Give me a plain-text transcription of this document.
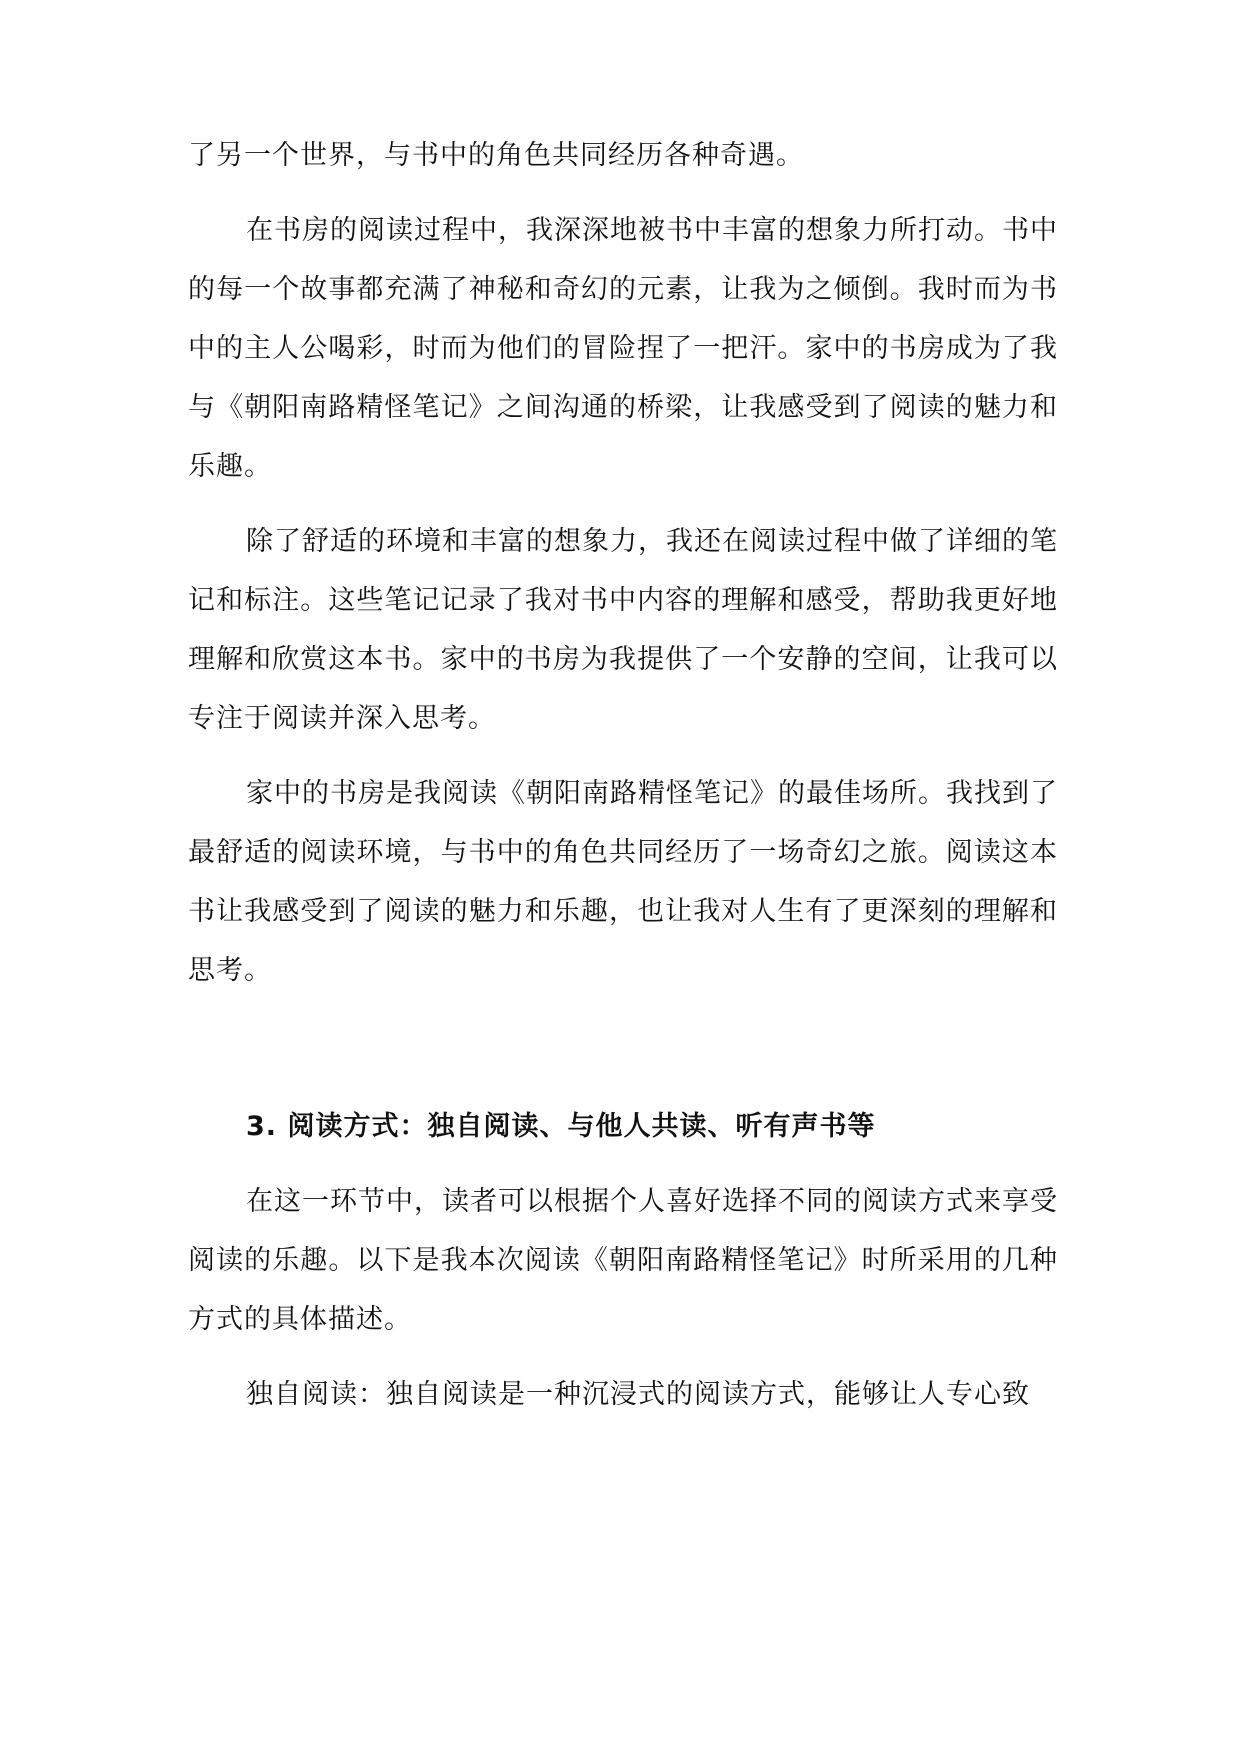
了另一个世界，与书中的角色共同经历各种奇遇。

在书房的阅读过程中，我深深地被书中丰富的想象力所打动。书中的每一个故事都充满了神秘和奇幻的元素，让我为之倾倒。我时而为书中的主人公喝彩，时而为他们的冒险捏了一把汗。家中的书房成为了我与《朝阳南路精怪笔记》之间沟通的桥梁，让我感受到了阅读的魅力和乐趣。

除了舒适的环境和丰富的想象力，我还在阅读过程中做了详细的笔记和标注。这些笔记记录了我对书中内容的理解和感受，帮助我更好地理解和欣赏这本书。家中的书房为我提供了一个安静的空间，让我可以专注于阅读并深入思考。

家中的书房是我阅读《朝阳南路精怪笔记》的最佳场所。我找到了最舒适的阅读环境，与书中的角色共同经历了一场奇幻之旅。阅读这本书让我感受到了阅读的魅力和乐趣，也让我对人生有了更深刻的理解和思考。

3. 阅读方式：独自阅读、与他人共读、听有声书等

在这一环节中，读者可以根据个人喜好选择不同的阅读方式来享受阅读的乐趣。以下是我本次阅读《朝阳南路精怪笔记》时所采用的几种方式的具体描述。

独自阅读：独自阅读是一种沉浸式的阅读方式，能够让人专心致
